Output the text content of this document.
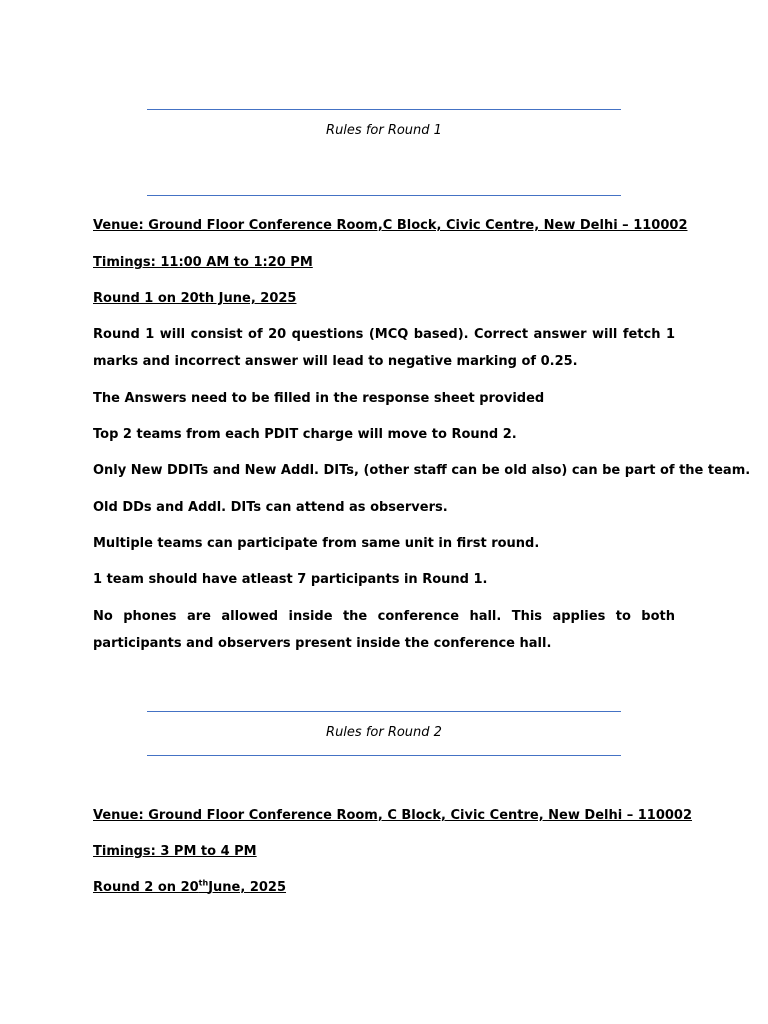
Rules for Round 1
Venue: Ground Floor Conference Room,C Block, Civic Centre, New Delhi – 110002
Timings: 11:00 AM to 1:20 PM
Round 1 on 20th June, 2025
Round 1 will consist of 20 questions (MCQ based). Correct answer will fetch 1 marks and incorrect answer will lead to negative marking of 0.25.
The Answers need to be filled in the response sheet provided
Top 2 teams from each PDIT charge will move to Round 2.
Only New DDITs and New Addl. DITs, (other staff can be old also) can be part of the team.
Old DDs and Addl. DITs can attend as observers.
Multiple teams can participate from same unit in first round.
1 team should have atleast 7 participants in Round 1.
No phones are allowed inside the conference hall. This applies to both participants and observers present inside the conference hall.
Rules for Round 2
Venue: Ground Floor Conference Room, C Block, Civic Centre, New Delhi – 110002
Timings: 3 PM to 4 PM
Round 2 on 20thJune, 2025
